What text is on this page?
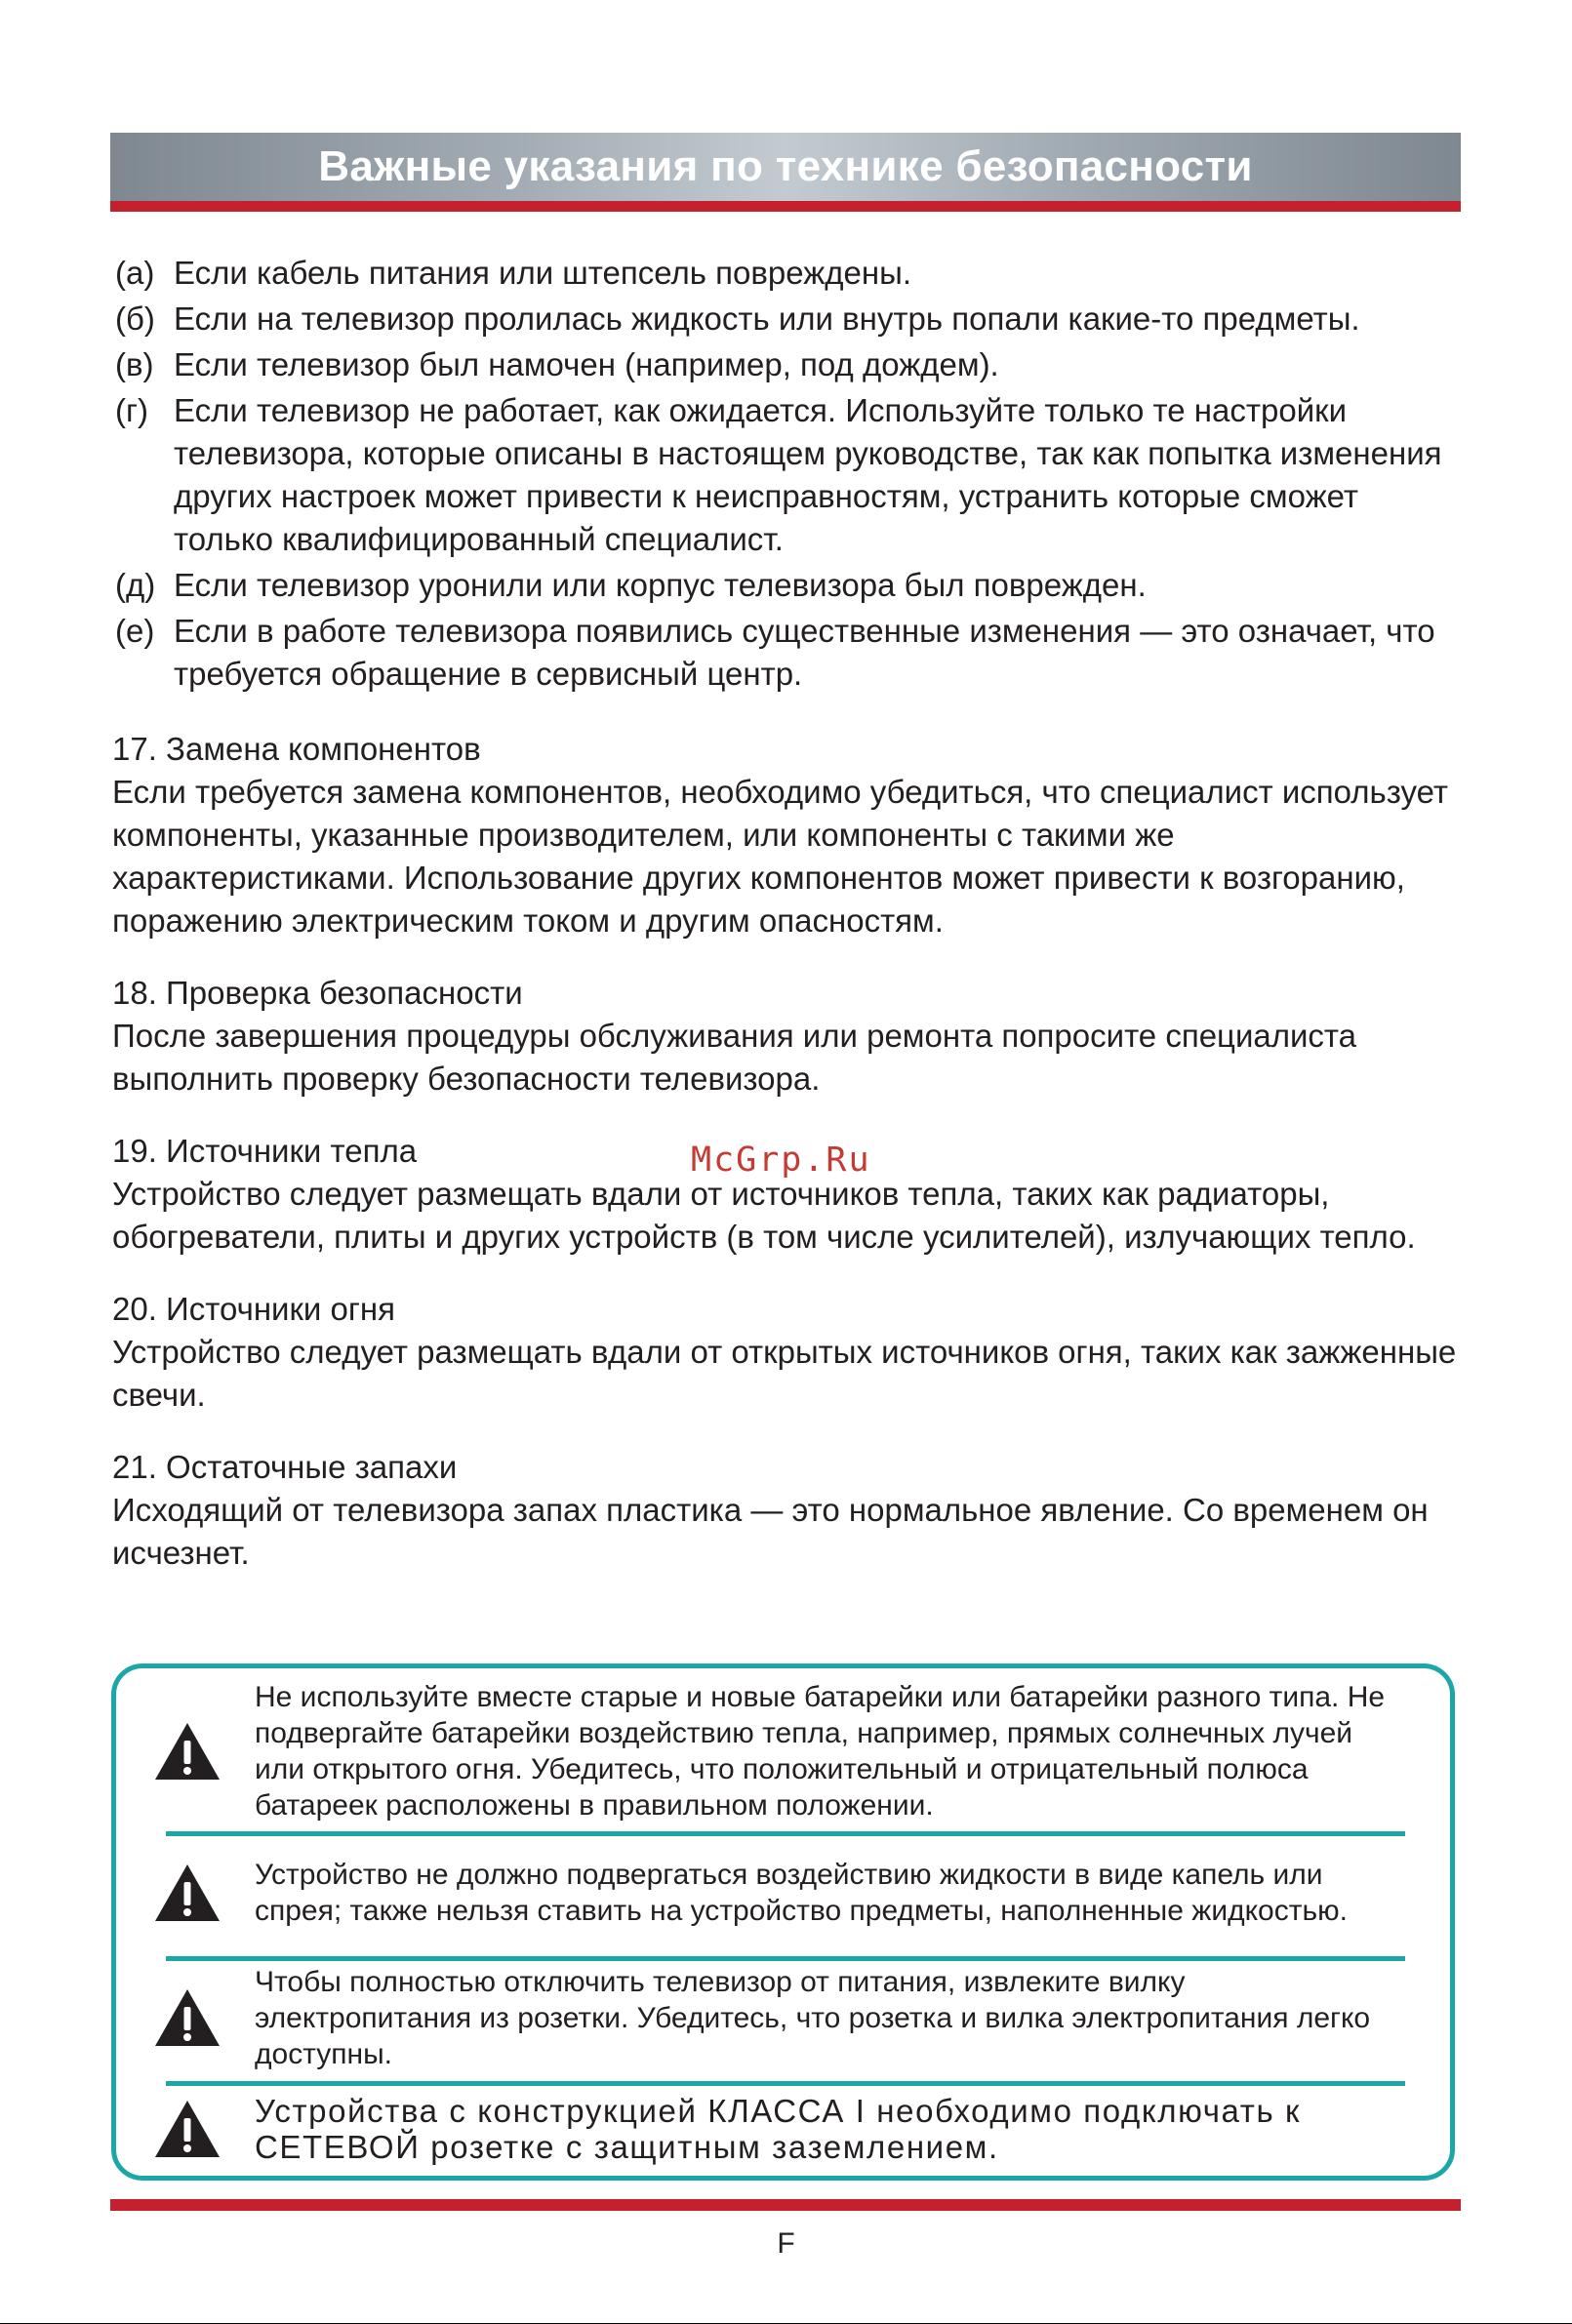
Важные указания по технике безопасности
(а) Если кабель питания или штепсель повреждены.
(б) Если на телевизор пролилась жидкость или внутрь попали какие-то предметы.
(в) Если телевизор был намочен (например, под дождем).
(г) Если телевизор не работает, как ожидается. Используйте только те настройки телевизора, которые описаны в настоящем руководстве, так как попытка изменения других настроек может привести к неисправностям, устранить которые сможет только квалифицированный специалист.
(д) Если телевизор уронили или корпус телевизора был поврежден.
(е) Если в работе телевизора появились существенные изменения — это означает, что требуется обращение в сервисный центр.

17. Замена компонентов

Если требуется замена компонентов, необходимо убедиться, что специалист использует компоненты, указанные производителем, или компоненты с такими же характеристиками. Использование других компонентов может привести к возгоранию, поражению электрическим током и другим опасностям.

18. Проверка безопасности

После завершения процедуры обслуживания или ремонта попросите специалиста выполнить проверку безопасности телевизора.

19. Источники тепла

Устройство следует размещать вдали от источников тепла, таких как радиаторы, обогреватели, плиты и других устройств (в том числе усилителей), излучающих тепло.

20. Источники огня

Устройство следует размещать вдали от открытых источников огня, таких как зажженные свечи.

21. Остаточные запахи

Исходящий от телевизора запах пластика — это нормальное явление. Со временем он исчезнет.

McGrp.Ru
Не используйте вместе старые и новые батарейки или батарейки разного типа. Не подвергайте батарейки воздействию тепла, например, прямых солнечных лучей или открытого огня. Убедитесь, что положительный и отрицательный полюса батареек расположены в правильном положении.
Устройство не должно подвергаться воздействию жидкости в виде капель или спрея; также нельзя ставить на устройство предметы, наполненные жидкостью.
Чтобы полностью отключить телевизор от питания, извлеките вилку электропитания из розетки. Убедитесь, что розетка и вилка электропитания легко доступны.
Устройства с конструкцией КЛАССА I необходимо подключать к СЕТЕВОЙ розетке с защитным заземлением.
F
